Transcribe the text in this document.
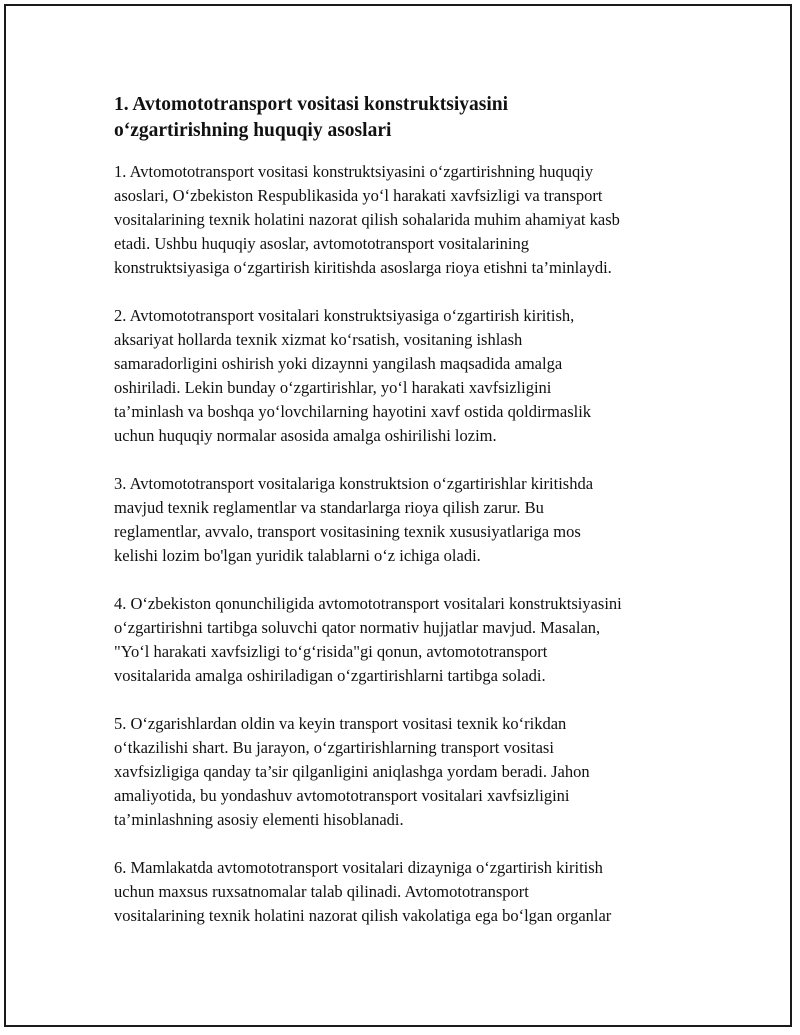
1. Avtomototransport vositasi konstruktsiyasini
o‘zgartirishning huquqiy asoslari

1. Avtomototransport vositasi konstruktsiyasini o‘zgartirishning huquqiy
asoslari, O‘zbekiston Respublikasida yo‘l harakati xavfsizligi va transport
vositalarining texnik holatini nazorat qilish sohalarida muhim ahamiyat kasb
etadi. Ushbu huquqiy asoslar, avtomototransport vositalarining
konstruktsiyasiga o‘zgartirish kiritishda asoslarga rioya etishni ta’minlaydi.

2. Avtomototransport vositalari konstruktsiyasiga o‘zgartirish kiritish,
aksariyat hollarda texnik xizmat ko‘rsatish, vositaning ishlash
samaradorligini oshirish yoki dizaynni yangilash maqsadida amalga
oshiriladi. Lekin bunday o‘zgartirishlar, yo‘l harakati xavfsizligini
ta’minlash va boshqa yo‘lovchilarning hayotini xavf ostida qoldirmaslik
uchun huquqiy normalar asosida amalga oshirilishi lozim.

3. Avtomototransport vositalariga konstruktsion o‘zgartirishlar kiritishda
mavjud texnik reglamentlar va standarlarga rioya qilish zarur. Bu
reglamentlar, avvalo, transport vositasining texnik xususiyatlariga mos
kelishi lozim bo'lgan yuridik talablarni o‘z ichiga oladi.

4. O‘zbekiston qonunchiligida avtomototransport vositalari konstruktsiyasini
o‘zgartirishni tartibga soluvchi qator normativ hujjatlar mavjud. Masalan,
"Yo‘l harakati xavfsizligi to‘g‘risida"gi qonun, avtomototransport
vositalarida amalga oshiriladigan o‘zgartirishlarni tartibga soladi.

5. O‘zgarishlardan oldin va keyin transport vositasi texnik ko‘rikdan
o‘tkazilishi shart. Bu jarayon, o‘zgartirishlarning transport vositasi
xavfsizligiga qanday ta’sir qilganligini aniqlashga yordam beradi. Jahon
amaliyotida, bu yondashuv avtomototransport vositalari xavfsizligini
ta’minlashning asosiy elementi hisoblanadi.

6. Mamlakatda avtomototransport vositalari dizayniga o‘zgartirish kiritish
uchun maxsus ruxsatnomalar talab qilinadi. Avtomototransport
vositalarining texnik holatini nazorat qilish vakolatiga ega bo‘lgan organlar
